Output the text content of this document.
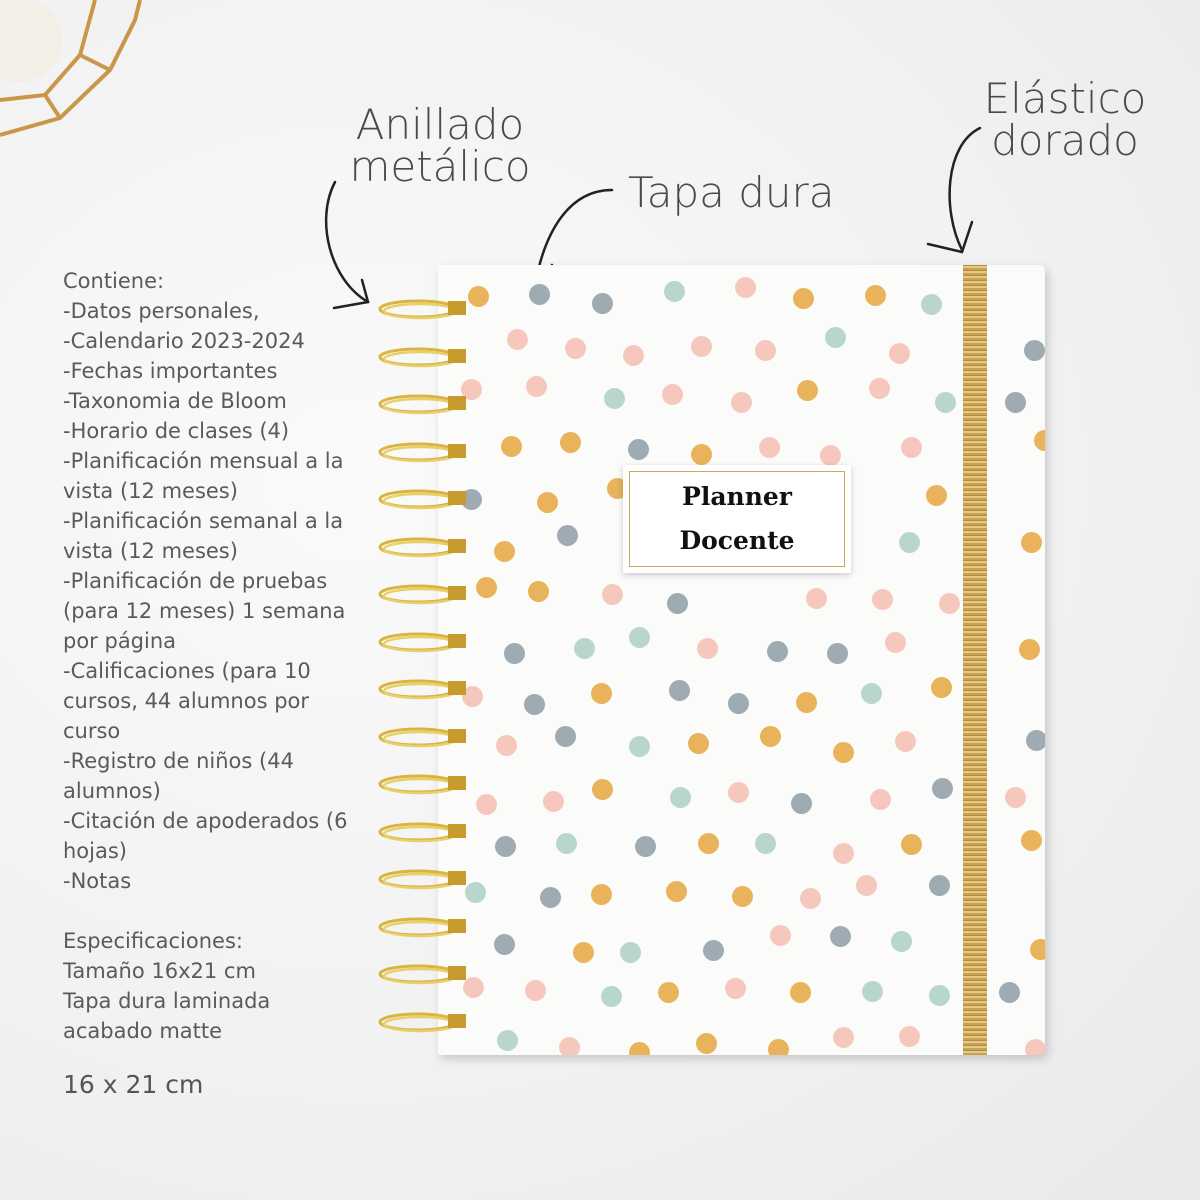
Anillado metálico
Tapa dura
Elástico dorado
Contiene:
-Datos personales,
-Calendario 2023-2024
-Fechas importantes
-Taxonomia de Bloom
-Horario de clases (4)
-Planificación mensual a la
vista (12 meses)
-Planificación semanal a la
vista (12 meses)
-Planificación de pruebas
(para 12 meses) 1 semana
por página
-Calificaciones (para 10
cursos, 44 alumnos por
curso
-Registro de niños (44
alumnos)
-Citación de apoderados (6
hojas)
-Notas

Especificaciones:
Tamaño 16x21 cm
Tapa dura laminada
acabado matte
16 x 21 cm
Planner
Docente
